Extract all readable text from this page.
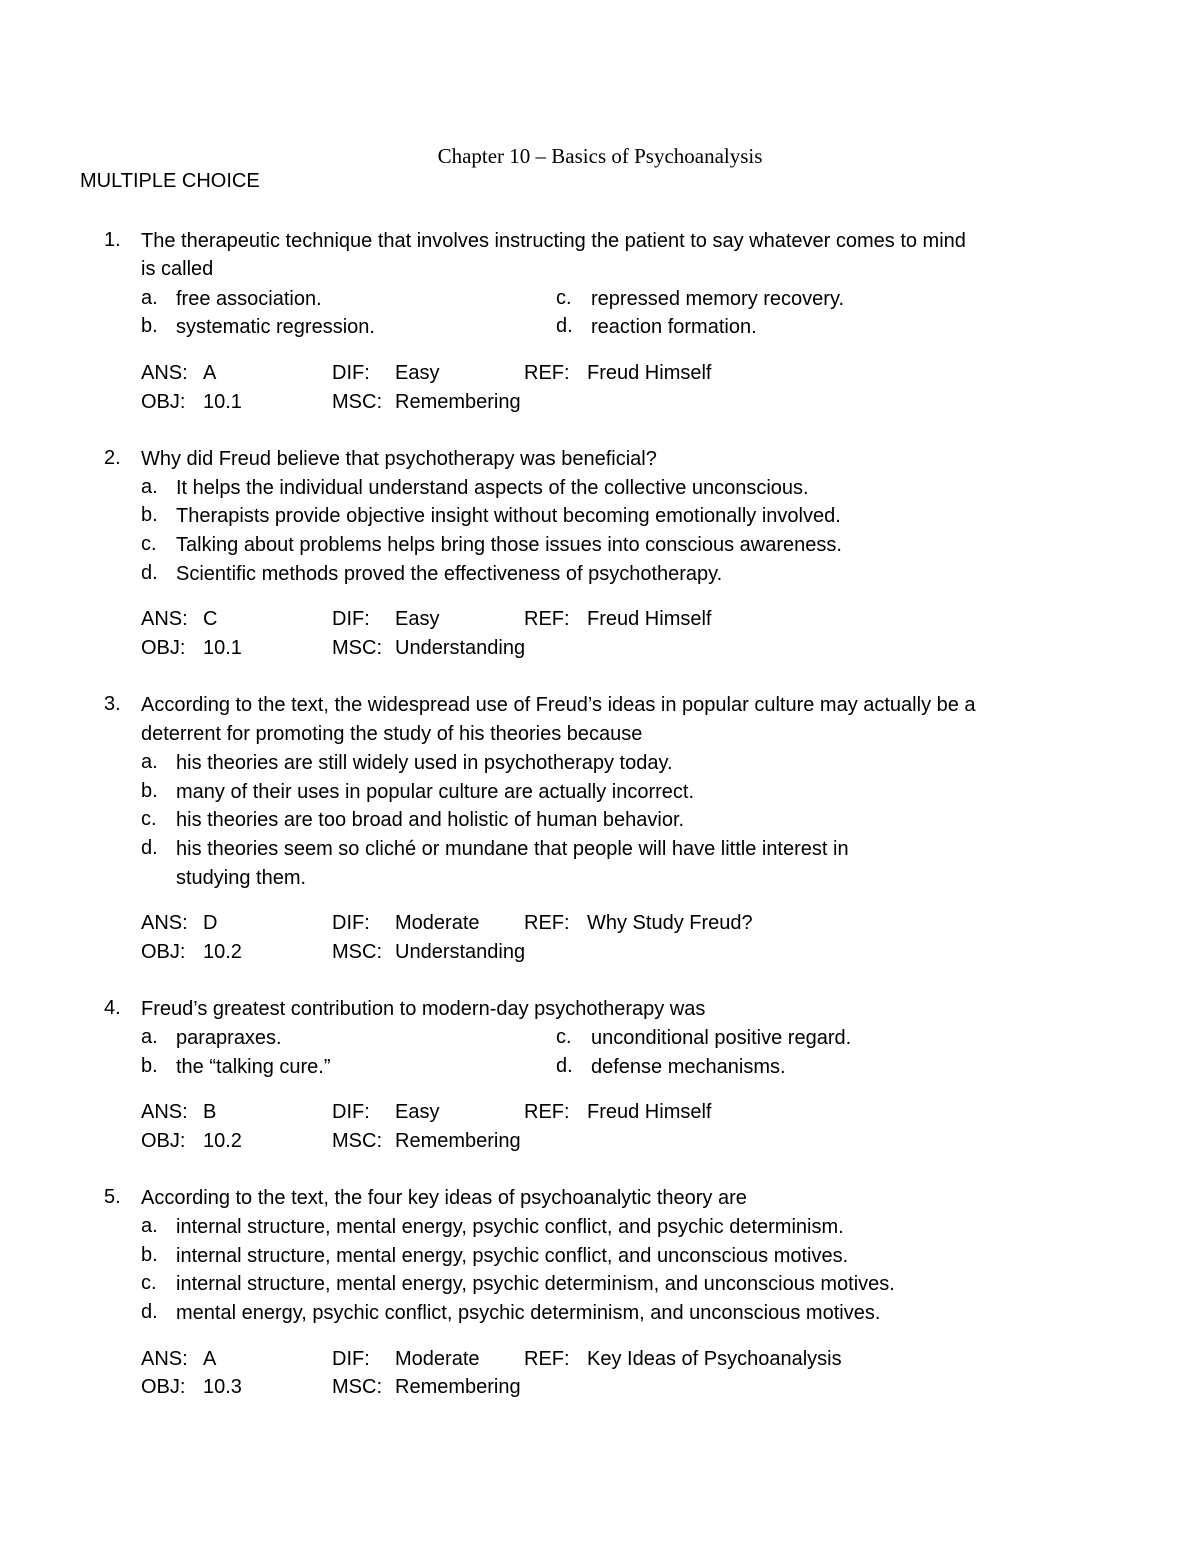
Chapter 10 – Basics of Psychoanalysis
MULTIPLE CHOICE
1. The therapeutic technique that involves instructing the patient to say whatever comes to mind
is called
a. free association.
b. systematic regression.
c. repressed memory recovery.
d. reaction formation.
ANS: A	DIF: Easy	REF: Freud Himself
OBJ: 10.1	MSC: Remembering
2. Why did Freud believe that psychotherapy was beneficial?
a. It helps the individual understand aspects of the collective unconscious.
b. Therapists provide objective insight without becoming emotionally involved.
c. Talking about problems helps bring those issues into conscious awareness.
d. Scientific methods proved the effectiveness of psychotherapy.
ANS: C	DIF: Easy	REF: Freud Himself
OBJ: 10.1	MSC: Understanding
3. According to the text, the widespread use of Freud’s ideas in popular culture may actually be a
deterrent for promoting the study of his theories because
a. his theories are still widely used in psychotherapy today.
b. many of their uses in popular culture are actually incorrect.
c. his theories are too broad and holistic of human behavior.
d. his theories seem so cliché or mundane that people will have little interest in
studying them.
ANS: D	DIF: Moderate REF: Why Study Freud?
OBJ: 10.2	MSC: Understanding
4. Freud’s greatest contribution to modern-day psychotherapy was
a. parapraxes.
b. the “talking cure.”
c. unconditional positive regard.
d. defense mechanisms.
ANS: B	DIF: Easy	REF: Freud Himself
OBJ: 10.2	MSC: Remembering
5. According to the text, the four key ideas of psychoanalytic theory are
a. internal structure, mental energy, psychic conflict, and psychic determinism.
b. internal structure, mental energy, psychic conflict, and unconscious motives.
c. internal structure, mental energy, psychic determinism, and unconscious motives.
d. mental energy, psychic conflict, psychic determinism, and unconscious motives.
ANS: A	DIF: Moderate REF: Key Ideas of Psychoanalysis
OBJ: 10.3	MSC: Remembering
